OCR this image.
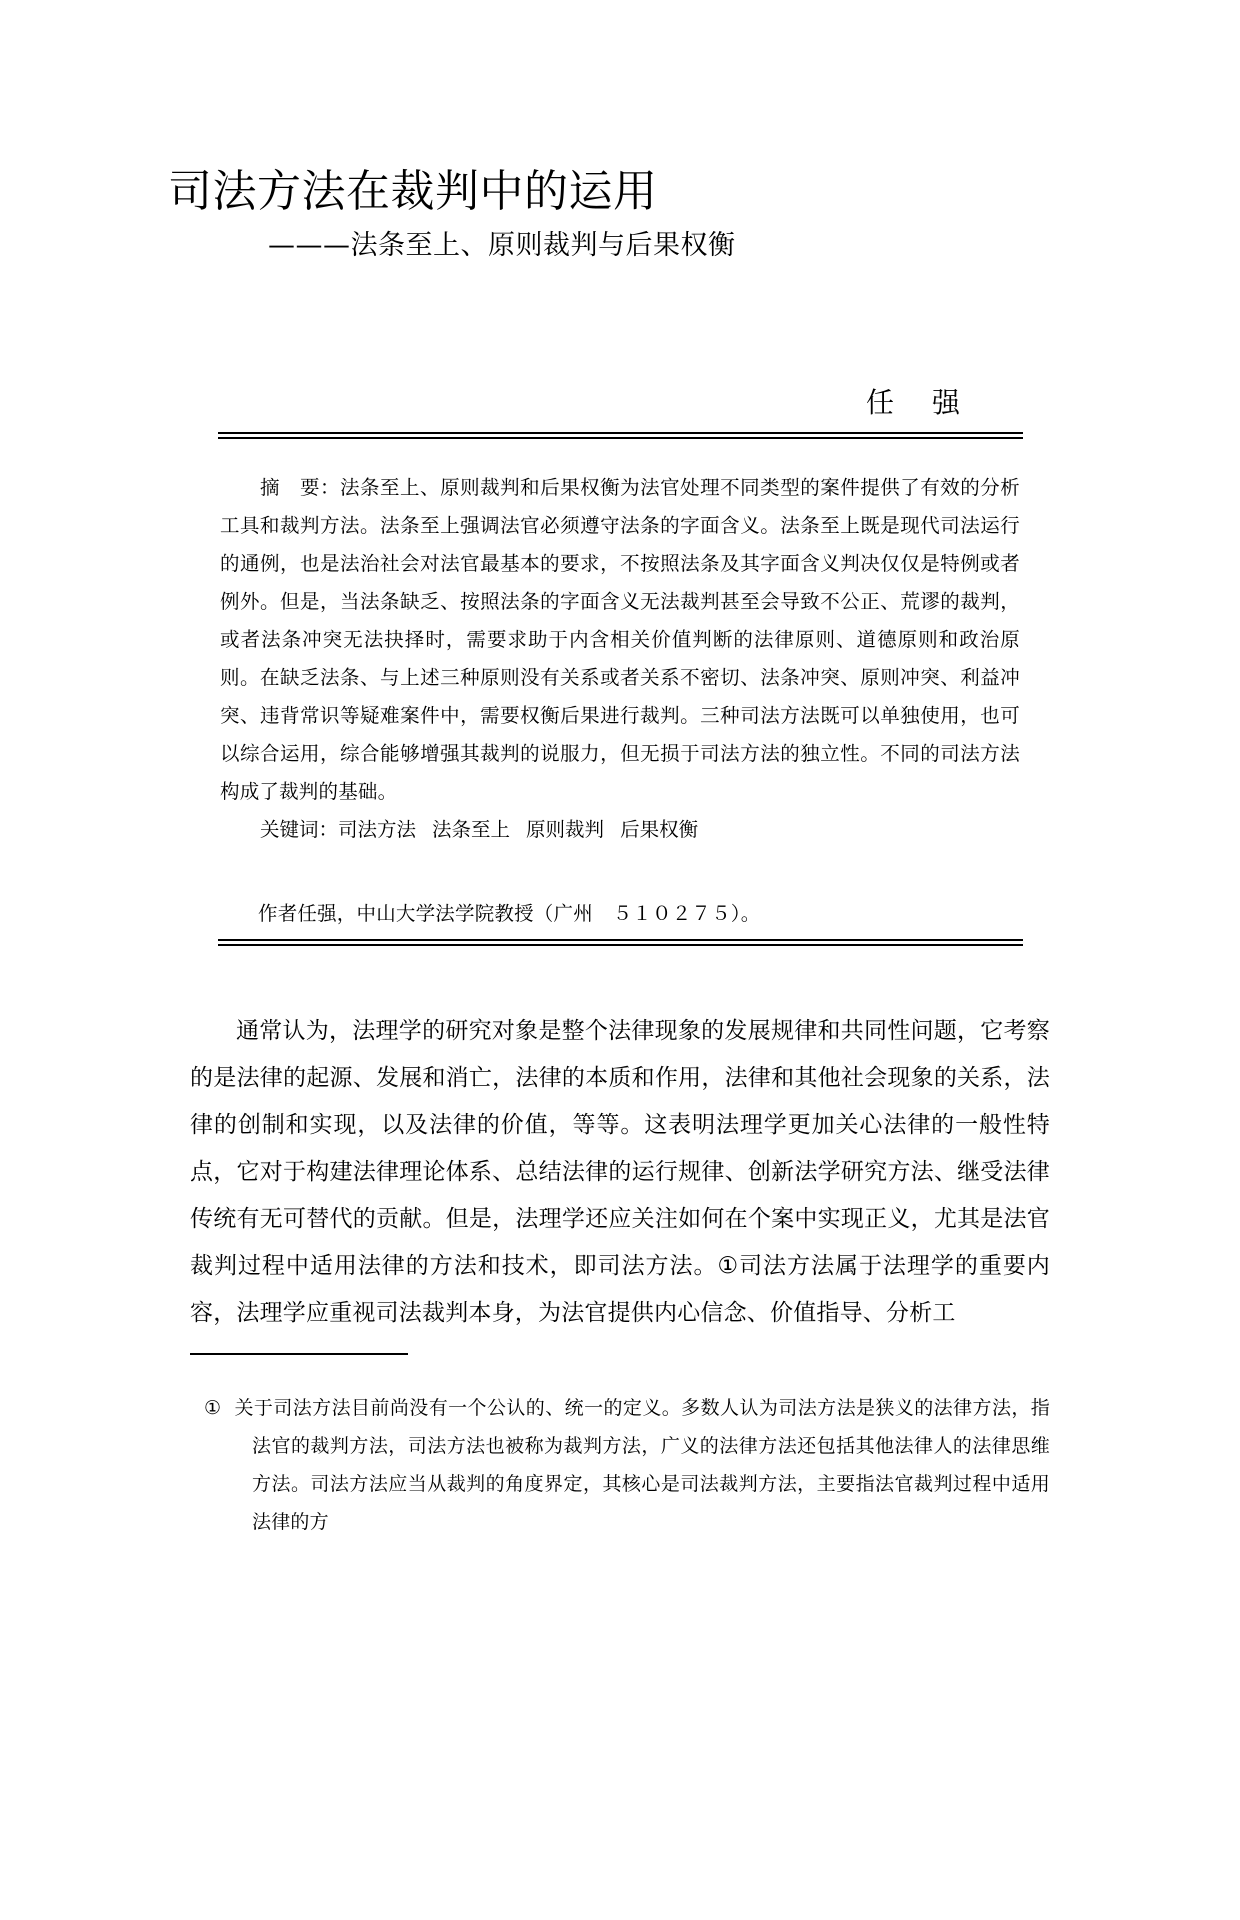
司法方法在裁判中的运用
———法条至上、原则裁判与后果权衡
任 强

摘　要：法条至上、原则裁判和后果权衡为法官处理不同类型的案件提供了有效的分析工具和裁判方法。法条至上强调法官必须遵守法条的字面含义。法条至上既是现代司法运行的通例，也是法治社会对法官最基本的要求，不按照法条及其字面含义判决仅仅是特例或者例外。但是，当法条缺乏、按照法条的字面含义无法裁判甚至会导致不公正、荒谬的裁判，或者法条冲突无法抉择时，需要求助于内含相关价值判断的法律原则、道德原则和政治原则。在缺乏法条、与上述三种原则没有关系或者关系不密切、法条冲突、原则冲突、利益冲突、违背常识等疑难案件中，需要权衡后果进行裁判。三种司法方法既可以单独使用，也可以综合运用，综合能够增强其裁判的说服力，但无损于司法方法的独立性。不同的司法方法构成了裁判的基础。

关键词：司法方法 法条至上 原则裁判 后果权衡

作者任强，中山大学法学院教授（广州　５１０２７５）。

通常认为，法理学的研究对象是整个法律现象的发展规律和共同性问题，它考察的是法律的起源、发展和消亡，法律的本质和作用，法律和其他社会现象的关系，法律的创制和实现，以及法律的价值，等等。这表明法理学更加关心法律的一般性特点，它对于构建法律理论体系、总结法律的运行规律、创新法学研究方法、继受法律传统有无可替代的贡献。但是，法理学还应关注如何在个案中实现正义，尤其是法官裁判过程中适用法律的方法和技术，即司法方法。①司法方法属于法理学的重要内容，法理学应重视司法裁判本身，为法官提供内心信念、价值指导、分析工

① 关于司法方法目前尚没有一个公认的、统一的定义。多数人认为司法方法是狭义的法律方法，指法官的裁判方法，司法方法也被称为裁判方法，广义的法律方法还包括其他法律人的法律思维方法。司法方法应当从裁判的角度界定，其核心是司法裁判方法，主要指法官裁判过程中适用法律的方
